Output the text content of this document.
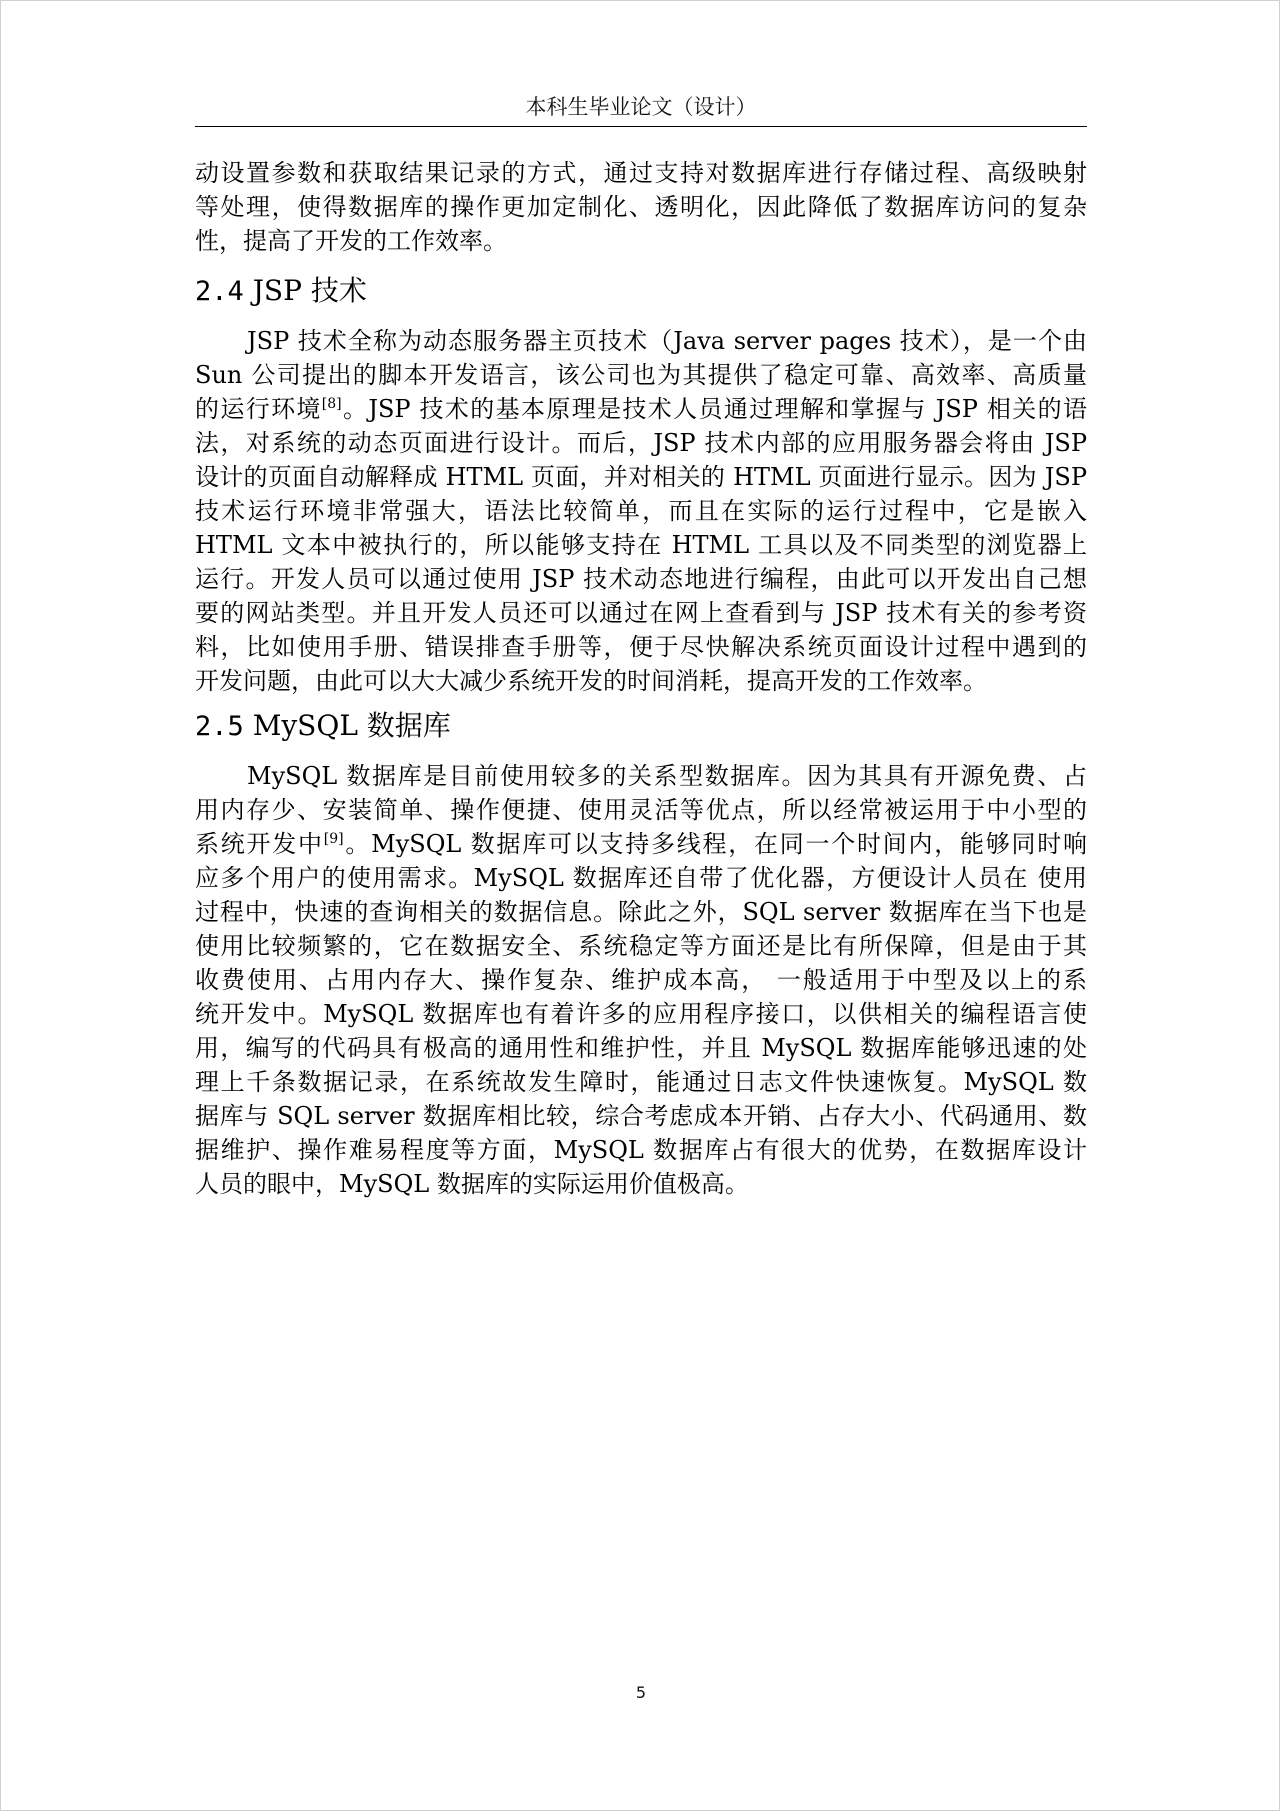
本科生毕业论文（设计）
动设置参数和获取结果记录的方式，通过支持对数据库进行存储过程、高级映射
等处理，使得数据库的操作更加定制化、透明化，因此降低了数据库访问的复杂
性，提高了开发的工作效率。
2.4 JSP 技术
JSP 技术全称为动态服务器主页技术（Java server pages 技术），是一个由
Sun 公司提出的脚本开发语言，该公司也为其提供了稳定可靠、高效率、高质量
的运行环境[8]。JSP 技术的基本原理是技术人员通过理解和掌握与 JSP 相关的语
法，对系统的动态页面进行设计。而后，JSP 技术内部的应用服务器会将由 JSP
设计的页面自动解释成 HTML 页面，并对相关的 HTML 页面进行显示。因为 JSP
技术运行环境非常强大，语法比较简单，而且在实际的运行过程中，它是嵌入
HTML 文本中被执行的，所以能够支持在 HTML 工具以及不同类型的浏览器上
运行。开发人员可以通过使用 JSP 技术动态地进行编程，由此可以开发出自己想
要的网站类型。并且开发人员还可以通过在网上查看到与 JSP 技术有关的参考资
料，比如使用手册、错误排查手册等，便于尽快解决系统页面设计过程中遇到的
开发问题，由此可以大大减少系统开发的时间消耗，提高开发的工作效率。
2.5 MySQL 数据库
MySQL 数据库是目前使用较多的关系型数据库。因为其具有开源免费、占
用内存少、安装简单、操作便捷、使用灵活等优点，所以经常被运用于中小型的
系统开发中[9]。MySQL 数据库可以支持多线程，在同一个时间内，能够同时响
应多个用户的使用需求。MySQL 数据库还自带了优化器，方便设计人员在 使用
过程中，快速的查询相关的数据信息。除此之外，SQL server 数据库在当下也是
使用比较频繁的，它在数据安全、系统稳定等方面还是比有所保障，但是由于其
收费使用、占用内存大、操作复杂、维护成本高， 一般适用于中型及以上的系
统开发中。MySQL 数据库也有着许多的应用程序接口，以供相关的编程语言使
用，编写的代码具有极高的通用性和维护性，并且 MySQL 数据库能够迅速的处
理上千条数据记录，在系统故发生障时，能通过日志文件快速恢复。MySQL 数
据库与 SQL server 数据库相比较，综合考虑成本开销、占存大小、代码通用、数
据维护、操作难易程度等方面，MySQL 数据库占有很大的优势，在数据库设计
人员的眼中，MySQL 数据库的实际运用价值极高。
5
